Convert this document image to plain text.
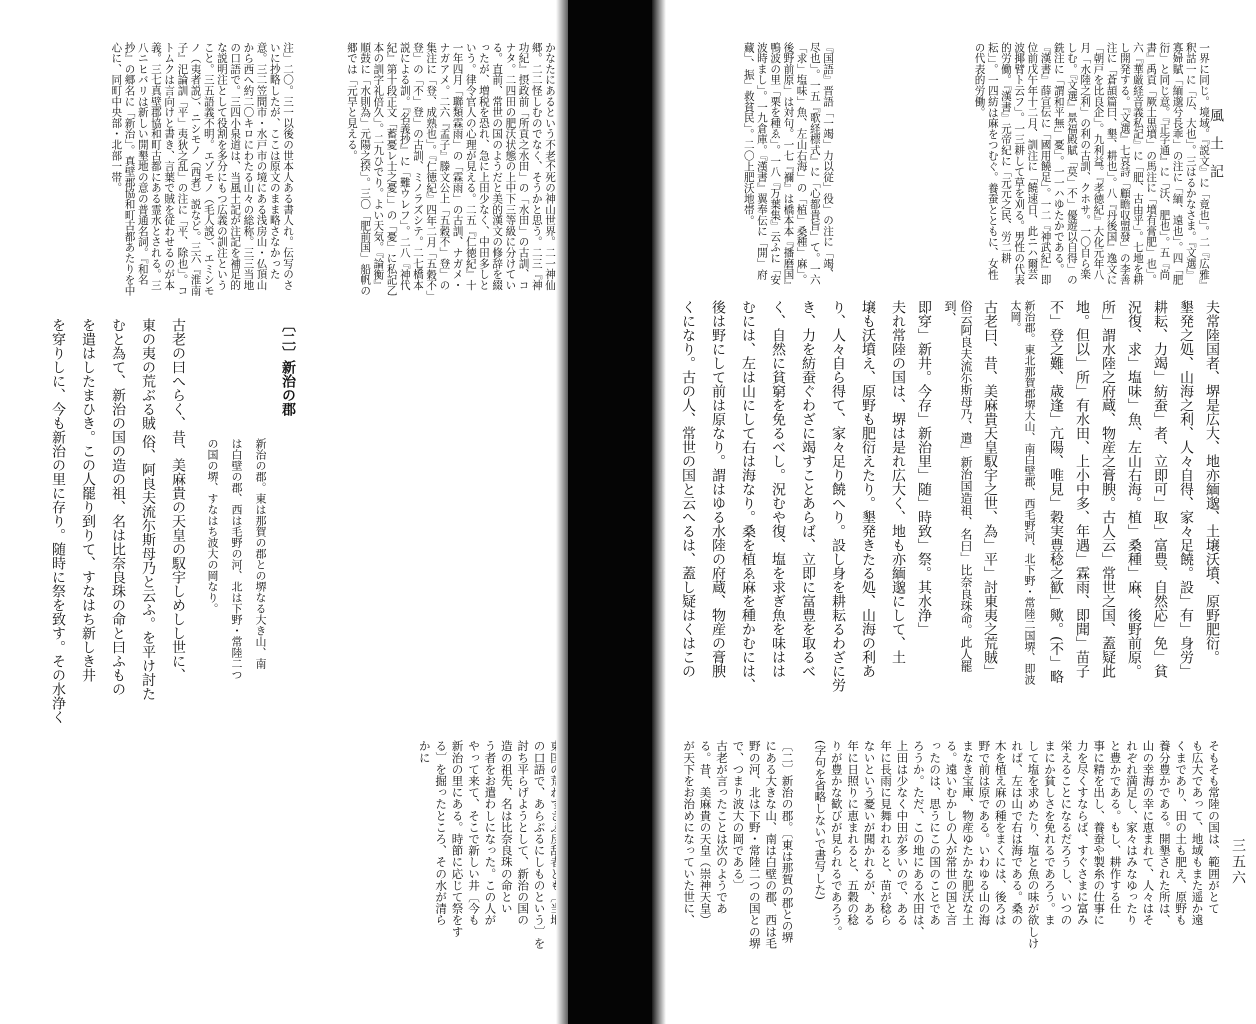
風土記
三五六
一界に同じ。境域。『説文』に「竟也」。二『広雅』釈詁一に「広、大也」。三はるかなさま。『文選』寡婦賦「緬邈兮長乖」の注に「緬、遠也」。四「肥衍」と同じ意。『正字通』に「沃、肥也」。五『尚書』禹貢「厥土黒墳」の馬注に「墳有膏肥」也」。六『華厳経音義私記』に「肥、古由乎」。七地を耕し開発する。『文選』七哀詩「顧瞻収盟發」の李善注に「蒼頡篇曰、墾、耕也」。八『丹後国』逸文に「朝戸を比良企」。九利益。『孝徳紀』大化元年八月「水陸之利」の利の古訓、クホサ。一〇自ら楽しむ。『文選』景福殿賦「莫」不」優遊以自得」の銑注に「謂和平無」憂」。一一ハゆたかである。『漢書』薛宣伝に「國用饒足」。一二『神武紀』即位前戊午年十二月、訓注に「饒速日、此ニハ爾芸波揶臂ト云フ」。一三耕して草を刈る。男性の代表的労働。『漢書』元帝紀に「元元之民、労二耕耘」」。一四紡は麻をつむぐ。養蚕とともに、女性の代表的労働。
『国語』晋語「一竭」力以従」役」の注に「竭、尽也」。一五『歌経標式』に「心都貴旨」て。一六「求」塩味」魚、左山右海」の「植」桑種」麻」。後野前原」は対句。一七『禰』は橋本本『播磨国』鴨波の里「栗を種ゑ」。一八『万葉集』云ふに「安波時まし」。一九倉庫。『漢書』翼奉伝に「開」府藏」、振」救貧民」。二〇上肥沃地帯。
かなたにあるという不老不死の神山世界。二一神仙郷。二二怪しむのでなく、そうかと思う。二三『神功紀』摂政前「所貢之水田」の「水田」の古訓、コナタ。二四田の肥沃状態の上中下三等級に分けている。直前、常世の国のようだと美的漢文の修辞を綴ったが、増税を恐れ、急に上田少なく、中田多しという。律令官人の心理が見える。二五『仁徳紀』十一年四月「聯類霖雨」の「霖雨」の古訓、ナガメ・ナガアメ。二六『孟子』滕文公上「五穀不」登」の集注に「登、成熟也」。『仁徳紀』四年二月「五穀不」登」の「不」登」の古訓、ミノラズシテ。二七橋本説による訓。『名義抄』に「難ウレフ」。二八『神代紀』第十段正文「蓄憂レ士之憂」」の「憂」に私記乙本の訓字礼倍久」。二九ひでり。よい天気。『論衡』順鼓に「水則為」元陽之揆」。三〇「肥前国」船帆の郷では「元旱と見える。
注」二〇。三一以後の世本人ある書人れ。伝写のさいに抄略したが、ここは原文のまま略さなかった意。三二笠間市・水戸市の境にある浅房山・仏頂山から西へ約二〇キロにわたる山々の総称。三三当地の口語で。三四小泉道は、当風土記が注記を補足的な説明注として役割を多分にもつ広義の訓注ということ。三五語義不明。エゾモノ（毛人説）、エミシモノ（夷者説）、ニシモノ（西者）説など。三六『淮南子』汜論訓「平」夷狄之乱」の注に「平、除也」。コトムクは言向けと書き、言葉で賊を従わせるのが本義。三七真壁郡協和町古都にある霊水とされる。三八ニヒバリは新しい開墾地の意の普通名詞。『和名抄』の郷名に「新治」。真壁郡協和町古都あたりを中心に、同町中央部・北部一帯。
夫常陸国者、堺是広大、地亦緬邈、土壌沃墳、原野肥衍。
墾発之処、山海之利、人々自得、家々足饒。設」有」身労」
耕耘、力竭」紡蚕」者、立即可」取」富豊、自然応」免」貧
況復、求」塩味」魚、左山右海。植」桑種」麻、後野前原。
所」謂水陸之府蔵、物産之膏腴。古人云」常世之国、蓋疑此
地。但以」所」有水田、上小中多、年遇」霖雨、即聞」苗子
不」登之難、歳逢」亢陽、唯見」穀実豊稔之歓」歟。(不」略
新治郡。東北那賀郡堺大山、南白壁郡、西毛野河、北下野・常陸二国堺、即波太岡。
古老曰、昔、美麻貴天皇馭宇之世、為」平」討東夷之荒賊」
俗云阿良夫流尓斯母乃、遣」新治国造祖、名曰」比奈良珠命。此人罷到、
即穿」新井。今存」新治里」随」時致」祭。其水浄」
夫れ常陸の国は、堺は是れ広大く、地も亦緬邈にして、土
壌も沃墳え、原野も肥衍えたり。墾発きたる処、山海の利あ
り、人々自ら得て、家々足り饒へり。設し身を耕耘るわざに労
き、力を紡蚕ぐわざに竭すことあらば、立即に富豊を取るべ
く、自然に貧窮を免るべし。況むや復、塩を求ぎ魚を味はは
むには、左は山にして右は海なり。桑を植ゑ麻を種かむには、
後は野にして前は原なり。謂はゆる水陸の府蔵、物産の膏腴
くになり。古の人、常世の国と云へるは、蓋し疑はくはこの
〔二〕新治の郡
新治の郡。東は那賀の郡との堺なる大き山、南
は白壁の郡、西は毛野の河、北は下野・常陸二つ
の国の堺、すなはち波大の岡なり。
古老の曰へらく、昔、美麻貴の天皇の馭宇しめしし世に、
東の夷の荒ぶる賊 俗、阿良夫流尓斯母乃と云ふ。を平け討た
むと為て、新治の国の造の祖、名は比奈良珠の命と曰ふもの
を遣はしたまひき。この人罷り到りて、すなはち新しき井
を穿りしに、今も新治の里に存り。随時に祭を致す。その水浄く
そもそも常陸の国は、範囲がとて
も広大であって、地域もまた遥か遠
くまであり、田の土も肥え、原野も
養分豊かである。開墾された所は、
山の幸海の幸に恵まれて、人々はそ
れぞれ満足し、家々はみなゆったり
と豊かである。もし、耕作する仕
事に精を出し、養蚕や製糸の仕事に
力を尽くすならば、すぐさまに富み
栄えることになるだろうし、いつの
まにか貧しさを免れるであろう。ま
して塩を求めたり、塩と魚の味が欲しけ
れば、左は山で右は海である。桑の
木を植え麻の種をまくには、後ろは
野で前は原である。いわゆる山の海
まなき宝庫、物産ゆたかな肥沃な土
る。遠いむかしの人が常世の国と言
ったのは、思うにこの国のことであ
ろうか。ただ、この地にある水田は、
上田は少なく中田が多いので、ある
年に長雨に見舞われると、苗が稔ら
ないという憂いが聞かれるが、ある
年に日照りに恵まれると、五穀の稔
りが豊かな歓びが見られるであろう。
(字句を省略しないで書写した)
〔二〕新治の郡。〔東は那賀の郡との堺
にある大きな山、南は白壁の郡、西は毛
野の河、北は下野・常陸二つの国との堺
で、つまり波大の岡である〕
古老が言ったことは次のようであ
る。昔、美麻貴の天皇（崇神天皇）
が天下をお治めになっていた世に、
の口語で、あらぶるにしものという〕を
討ち平らげようとして、新治の国の
造の祖先、名は比奈良珠の命とい
う者をお遣わしになった。この人が
やって来て、そこで新しい井〔今も
新治の里にある。時節に応じて祭をす
る〕を掘ったところ、その水が清ら
かに
